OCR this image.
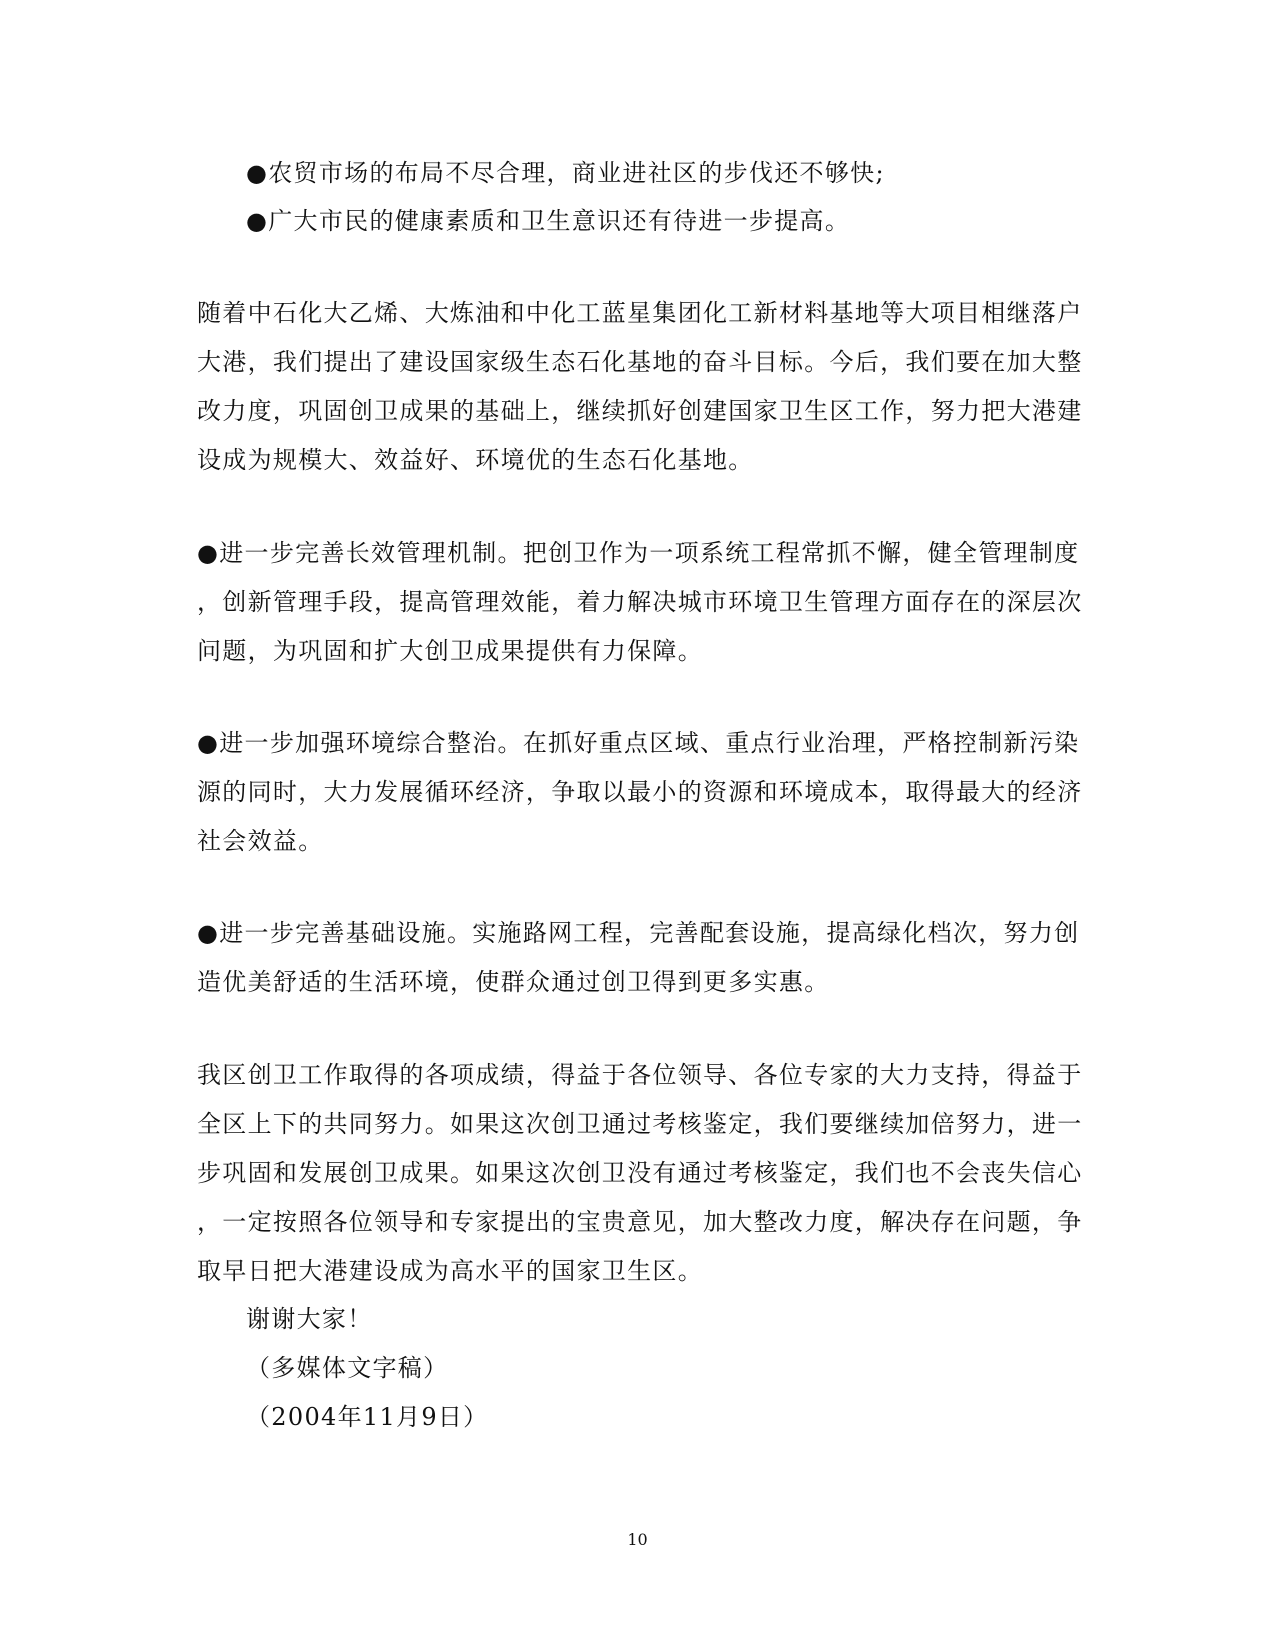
●农贸市场的布局不尽合理，商业进社区的步伐还不够快;
●广大市民的健康素质和卫生意识还有待进一步提高。
随着中石化大乙烯、大炼油和中化工蓝星集团化工新材料基地等大项目相继落户
大港，我们提出了建设国家级生态石化基地的奋斗目标。今后，我们要在加大整
改力度，巩固创卫成果的基础上，继续抓好创建国家卫生区工作，努力把大港建
设成为规模大、效益好、环境优的生态石化基地。
●进一步完善长效管理机制。把创卫作为一项系统工程常抓不懈，健全管理制度
，创新管理手段，提高管理效能，着力解决城市环境卫生管理方面存在的深层次
问题，为巩固和扩大创卫成果提供有力保障。
●进一步加强环境综合整治。在抓好重点区域、重点行业治理，严格控制新污染
源的同时，大力发展循环经济，争取以最小的资源和环境成本，取得最大的经济
社会效益。
●进一步完善基础设施。实施路网工程，完善配套设施，提高绿化档次，努力创
造优美舒适的生活环境，使群众通过创卫得到更多实惠。
我区创卫工作取得的各项成绩，得益于各位领导、各位专家的大力支持，得益于
全区上下的共同努力。如果这次创卫通过考核鉴定，我们要继续加倍努力，进一
步巩固和发展创卫成果。如果这次创卫没有通过考核鉴定，我们也不会丧失信心
，一定按照各位领导和专家提出的宝贵意见，加大整改力度，解决存在问题，争
取早日把大港建设成为高水平的国家卫生区。
谢谢大家！
（多媒体文字稿）
（2004年11月9日）
10
